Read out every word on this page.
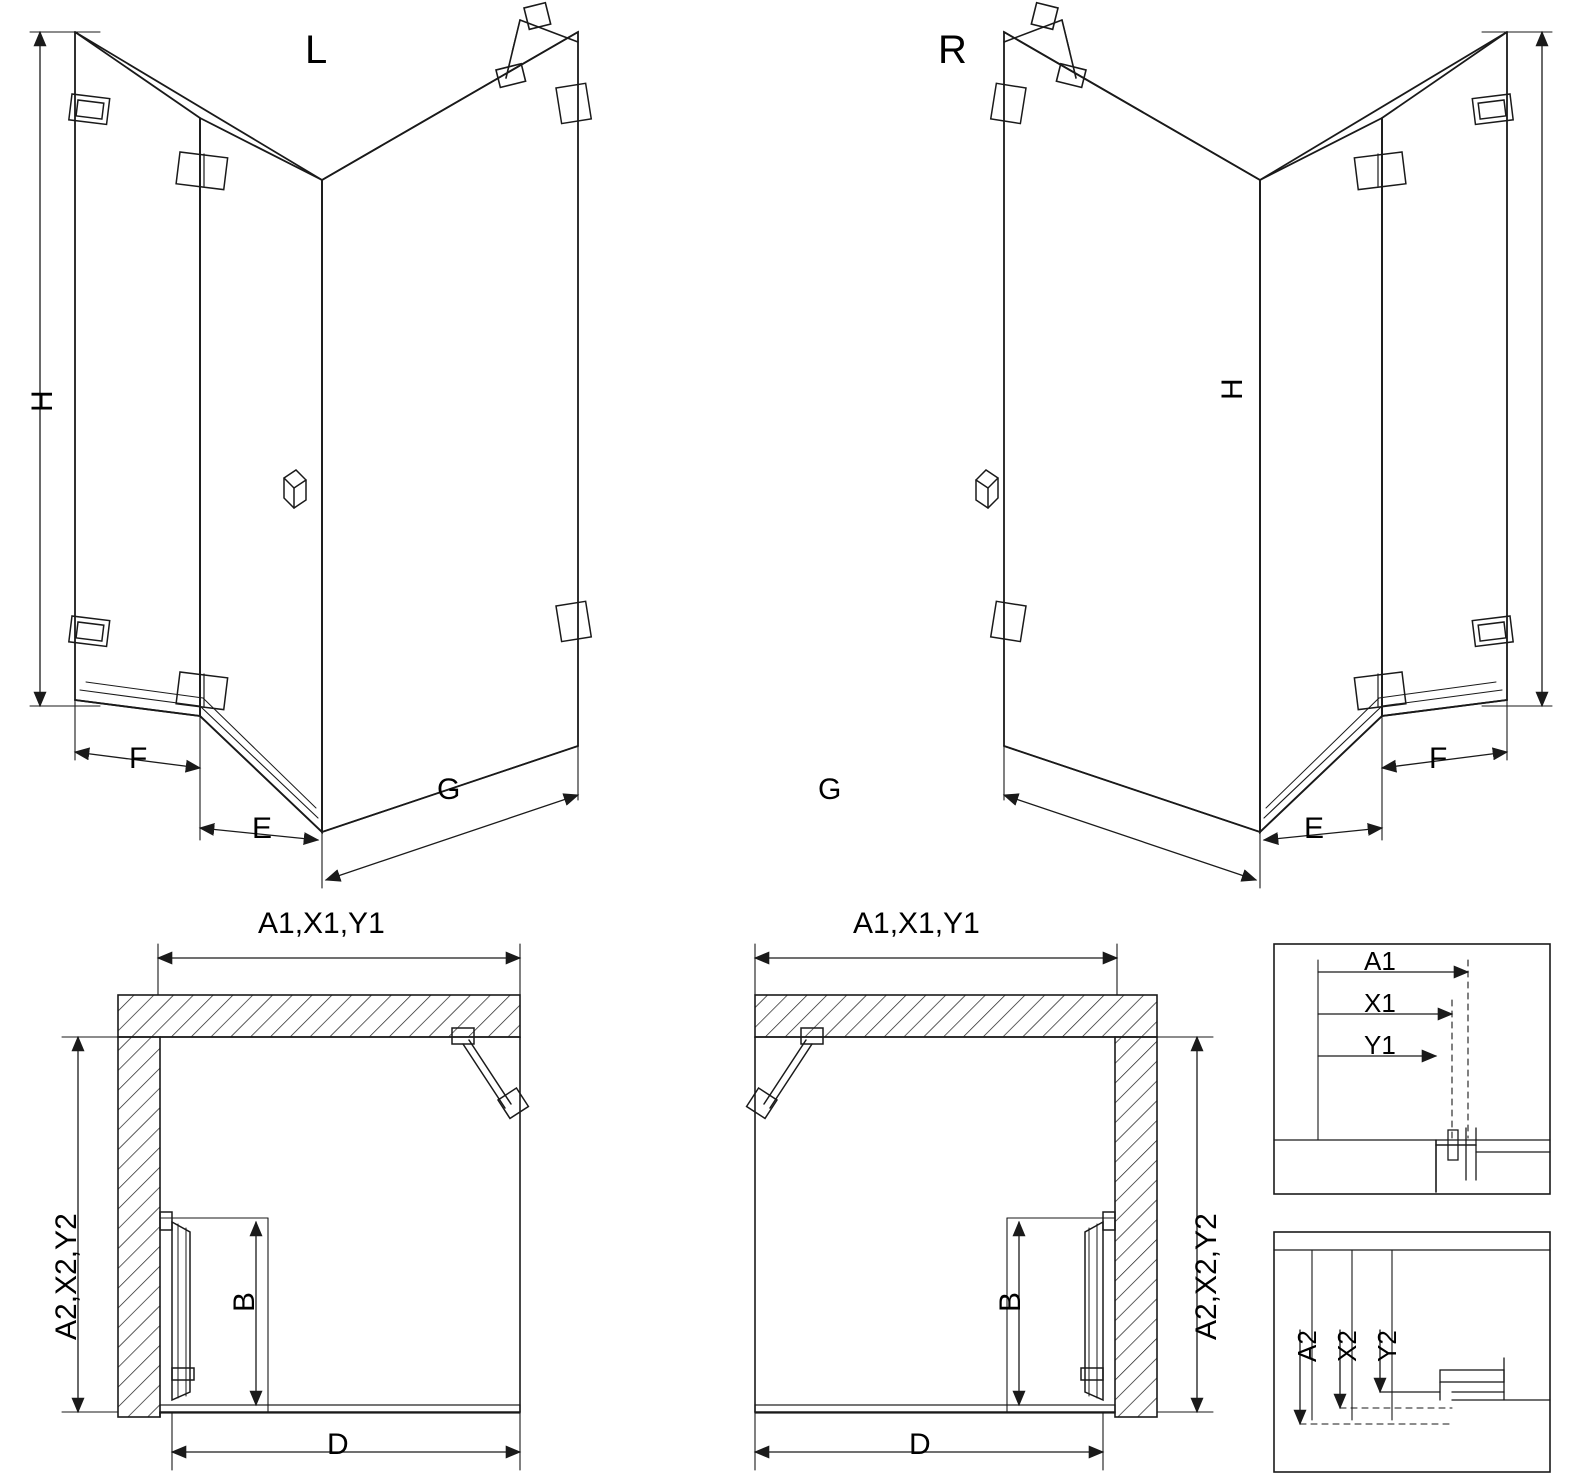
L
H
F
E
G
R
H
F
E
G
A1,X1,Y1
A2,X2,Y2	B
D
A1,X1,Y1
A2,X2,Y2
B
D
A1
X1
Y1
A2 X2 Y2
